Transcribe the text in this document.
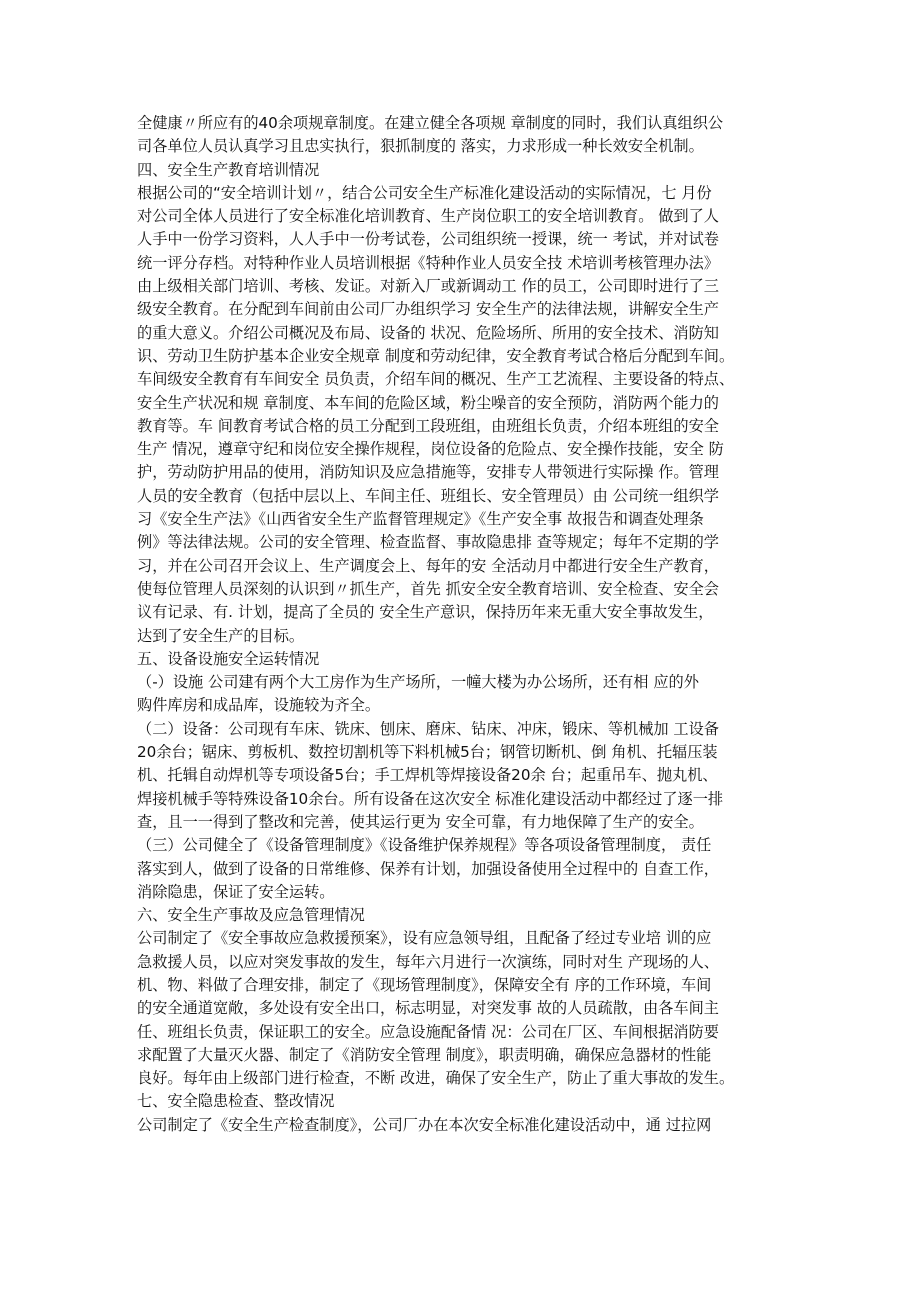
全健康〃所应有的40余项规章制度。在建立健全各项规 章制度的同时，我们认真组织公
司各单位人员认真学习且忠实执行，狠抓制度的 落实，力求形成一种长效安全机制。
四、安全生产教育培训情况
根据公司的“安全培训计划〃，结合公司安全生产标准化建设活动的实际情况，七 月份
对公司全体人员进行了安全标准化培训教育、生产岗位职工的安全培训教育。 做到了人
人手中一份学习资料，人人手中一份考试卷，公司组织统一授课，统一 考试，并对试卷
统一评分存档。对特种作业人员培训根据《特种作业人员安全技 术培训考核管理办法》
由上级相关部门培训、考核、发证。对新入厂或新调动工 作的员工，公司即时进行了三
级安全教育。在分配到车间前由公司厂办组织学习 安全生产的法律法规，讲解安全生产
的重大意义。介绍公司概况及布局、设备的 状况、危险场所、所用的安全技术、消防知
识、劳动卫生防护基本企业安全规章 制度和劳动纪律，安全教育考试合格后分配到车间。
车间级安全教育有车间安全 员负责，介绍车间的概况、生产工艺流程、主要设备的特点、
安全生产状况和规 章制度、本车间的危险区域，粉尘噪音的安全预防，消防两个能力的
教育等。车 间教育考试合格的员工分配到工段班组，由班组长负责，介绍本班组的安全
生产 情况，遵章守纪和岗位安全操作规程，岗位设备的危险点、安全操作技能，安全 防
护，劳动防护用品的使用，消防知识及应急措施等，安排专人带领进行实际操 作。管理
人员的安全教育（包括中层以上、车间主任、班组长、安全管理员）由 公司统一组织学
习《安全生产法》《山西省安全生产监督管理规定》《生产安全事 故报告和调查处理条
例》等法律法规。公司的安全管理、检查监督、事故隐患排 查等规定；每年不定期的学
习，并在公司召开会议上、生产调度会上、每年的安 全活动月中都进行安全生产教育，
使每位管理人员深刻的认识到〃抓生产，首先 抓安全安全教育培训、安全检查、安全会
议有记录、有. 计划，提高了全员的 安全生产意识，保持历年来无重大安全事故发生，
达到了安全生产的目标。
五、设备设施安全运转情况
（-）设施 公司建有两个大工房作为生产场所，一幢大楼为办公场所，还有相 应的外
购件库房和成品库，设施较为齐全。
（二）设备：公司现有车床、铣床、刨床、磨床、钻床、冲床，锻床、等机械加 工设备
20余台；锯床、剪板机、数控切割机等下料机械5台；钢管切断机、倒 角机、托辐压装
机、托辑自动焊机等专项设备5台；手工焊机等焊接设备20余 台；起重吊车、抛丸机、
焊接机械手等特殊设备10余台。所有设备在这次安全 标准化建设活动中都经过了逐一排
查，且一一得到了整改和完善，使其运行更为 安全可靠，有力地保障了生产的安全。
（三）公司健全了《设备管理制度》《设备维护保养规程》等各项设备管理制度， 责任
落实到人，做到了设备的日常维修、保养有计划，加强设备使用全过程中的 自查工作，
消除隐患，保证了安全运转。
六、安全生产事故及应急管理情况
公司制定了《安全事故应急救援预案》，设有应急领导组，且配备了经过专业培 训的应
急救援人员，以应对突发事故的发生，每年六月进行一次演练，同时对生 产现场的人、
机、物、料做了合理安排，制定了《现场管理制度》，保障安全有 序的工作环境，车间
的安全通道宽敞，多处设有安全出口，标志明显，对突发事 故的人员疏散，由各车间主
任、班组长负责，保证职工的安全。应急设施配备情 况：公司在厂区、车间根据消防要
求配置了大量灭火器、制定了《消防安全管理 制度》，职责明确，确保应急器材的性能
良好。每年由上级部门进行检查，不断 改进，确保了安全生产，防止了重大事故的发生。
七、安全隐患检查、整改情况
公司制定了《安全生产检查制度》，公司厂办在本次安全标准化建设活动中，通 过拉网
